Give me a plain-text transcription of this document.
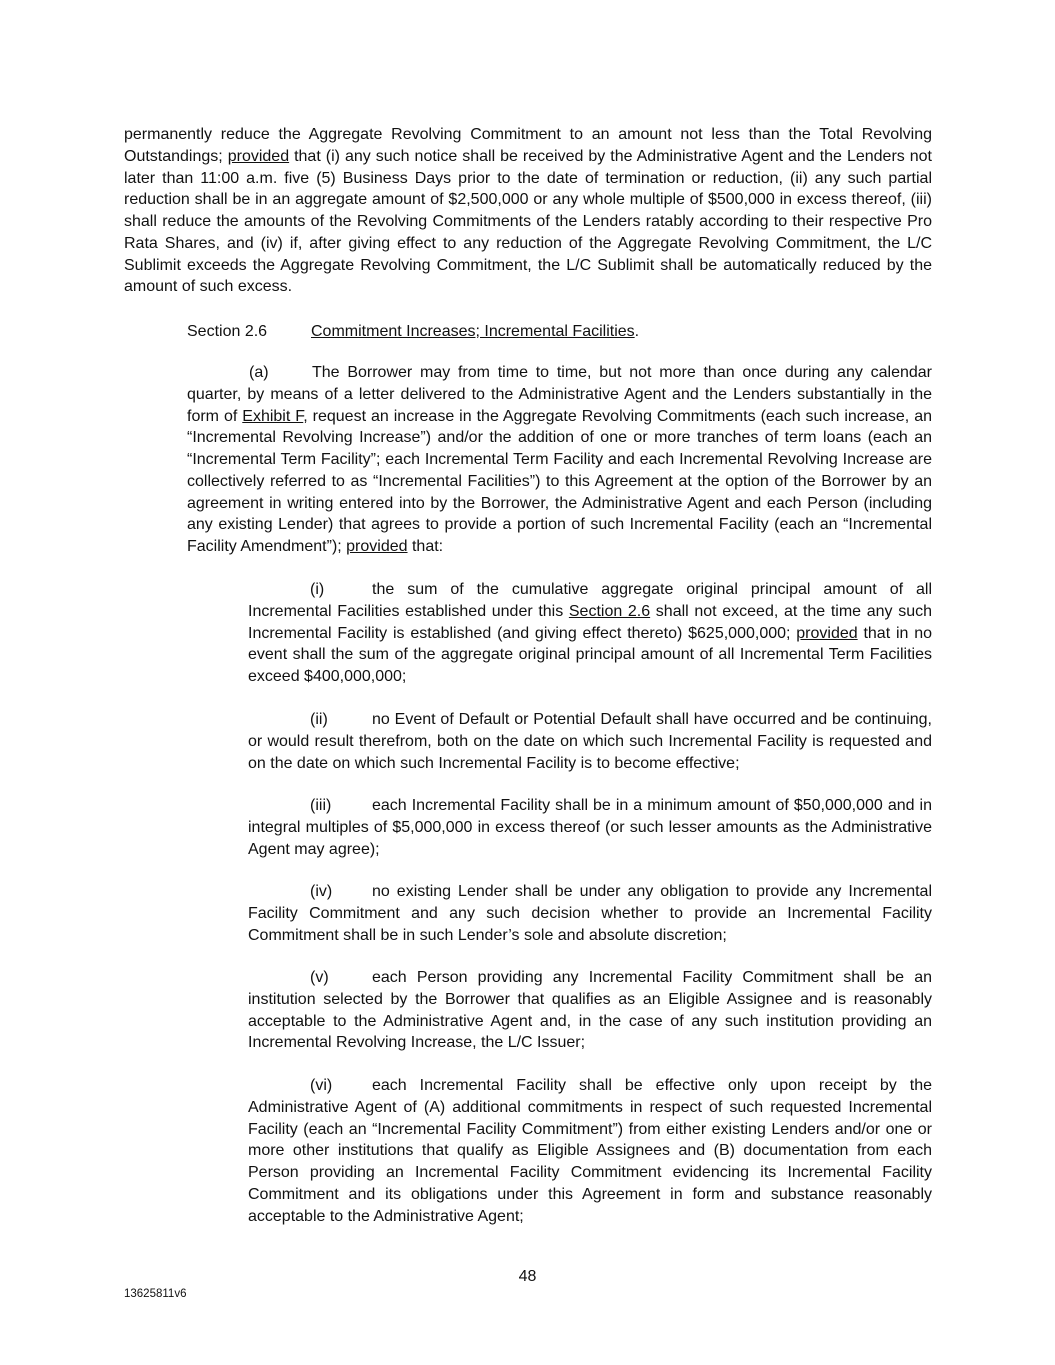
permanently reduce the Aggregate Revolving Commitment to an amount not less than the Total Revolving Outstandings; provided that (i) any such notice shall be received by the Administrative Agent and the Lenders not later than 11:00 a.m. five (5) Business Days prior to the date of termination or reduction, (ii) any such partial reduction shall be in an aggregate amount of $2,500,000 or any whole multiple of $500,000 in excess thereof, (iii) shall reduce the amounts of the Revolving Commitments of the Lenders ratably according to their respective Pro Rata Shares, and (iv) if, after giving effect to any reduction of the Aggregate Revolving Commitment, the L/C Sublimit exceeds the Aggregate Revolving Commitment, the L/C Sublimit shall be automatically reduced by the amount of such excess.
Section 2.6	Commitment Increases; Incremental Facilities.
(a)	The Borrower may from time to time, but not more than once during any calendar quarter, by means of a letter delivered to the Administrative Agent and the Lenders substantially in the form of Exhibit F, request an increase in the Aggregate Revolving Commitments (each such increase, an “Incremental Revolving Increase”) and/or the addition of one or more tranches of term loans (each an “Incremental Term Facility”; each Incremental Term Facility and each Incremental Revolving Increase are collectively referred to as “Incremental Facilities”) to this Agreement at the option of the Borrower by an agreement in writing entered into by the Borrower, the Administrative Agent and each Person (including any existing Lender) that agrees to provide a portion of such Incremental Facility (each an “Incremental Facility Amendment”); provided that:
(i)	the sum of the cumulative aggregate original principal amount of all Incremental Facilities established under this Section 2.6 shall not exceed, at the time any such Incremental Facility is established (and giving effect thereto) $625,000,000; provided that in no event shall the sum of the aggregate original principal amount of all Incremental Term Facilities exceed $400,000,000;
(ii)	no Event of Default or Potential Default shall have occurred and be continuing, or would result therefrom, both on the date on which such Incremental Facility is requested and on the date on which such Incremental Facility is to become effective;
(iii)	each Incremental Facility shall be in a minimum amount of $50,000,000 and in integral multiples of $5,000,000 in excess thereof (or such lesser amounts as the Administrative Agent may agree);
(iv) no existing Lender shall be under any obligation to provide any Incremental Facility Commitment and any such decision whether to provide an Incremental Facility Commitment shall be in such Lender’s sole and absolute discretion;
(v)	each Person providing any Incremental Facility Commitment shall be an institution selected by the Borrower that qualifies as an Eligible Assignee and is reasonably acceptable to the Administrative Agent and, in the case of any such institution providing an Incremental Revolving Increase, the L/C Issuer;
(vi) each Incremental Facility shall be effective only upon receipt by the Administrative Agent of (A) additional commitments in respect of such requested Incremental Facility (each an “Incremental Facility Commitment”) from either existing Lenders and/or one or more other institutions that qualify as Eligible Assignees and (B) documentation from each Person providing an Incremental Facility Commitment evidencing its Incremental Facility Commitment and its obligations under this Agreement in form and substance reasonably acceptable to the Administrative Agent;
48
13625811v6
